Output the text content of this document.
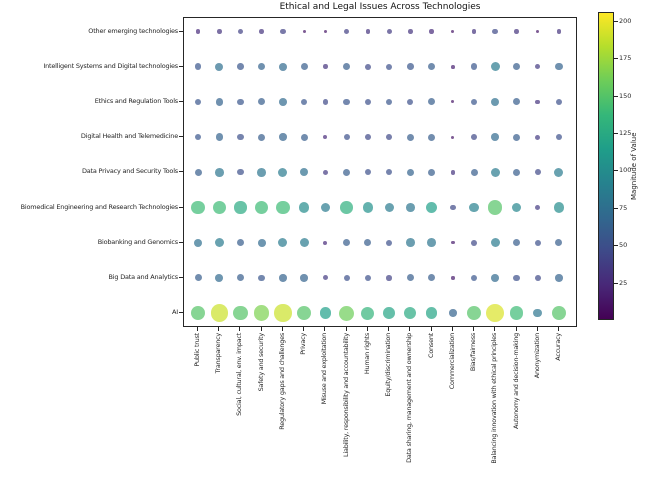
Ethical and Legal Issues Across Technologies
Other emerging technologies
Intelligent Systems and Digital technologies
Ethics and Regulation Tools
Digital Health and Telemedicine
Data Privacy and Security Tools
Biomedical Engineering and Research Technologies
Biobanking and Genomics
Big Data and Analytics
AI
Public trust Transparency Social, cultural, env. impact Safety and security Regulatory gaps and challenges Privacy Misuse and exploitation Liability, responsibility and accountability Human rights Equity/discrimination Data sharing, management and ownership Consent Commercialization Bias/fairness Balancing innovation with ethical principles Autonomy and decision-making Anonymization Accuracy
25
50
75
100
125
150
175
200
Magnitude of Value
